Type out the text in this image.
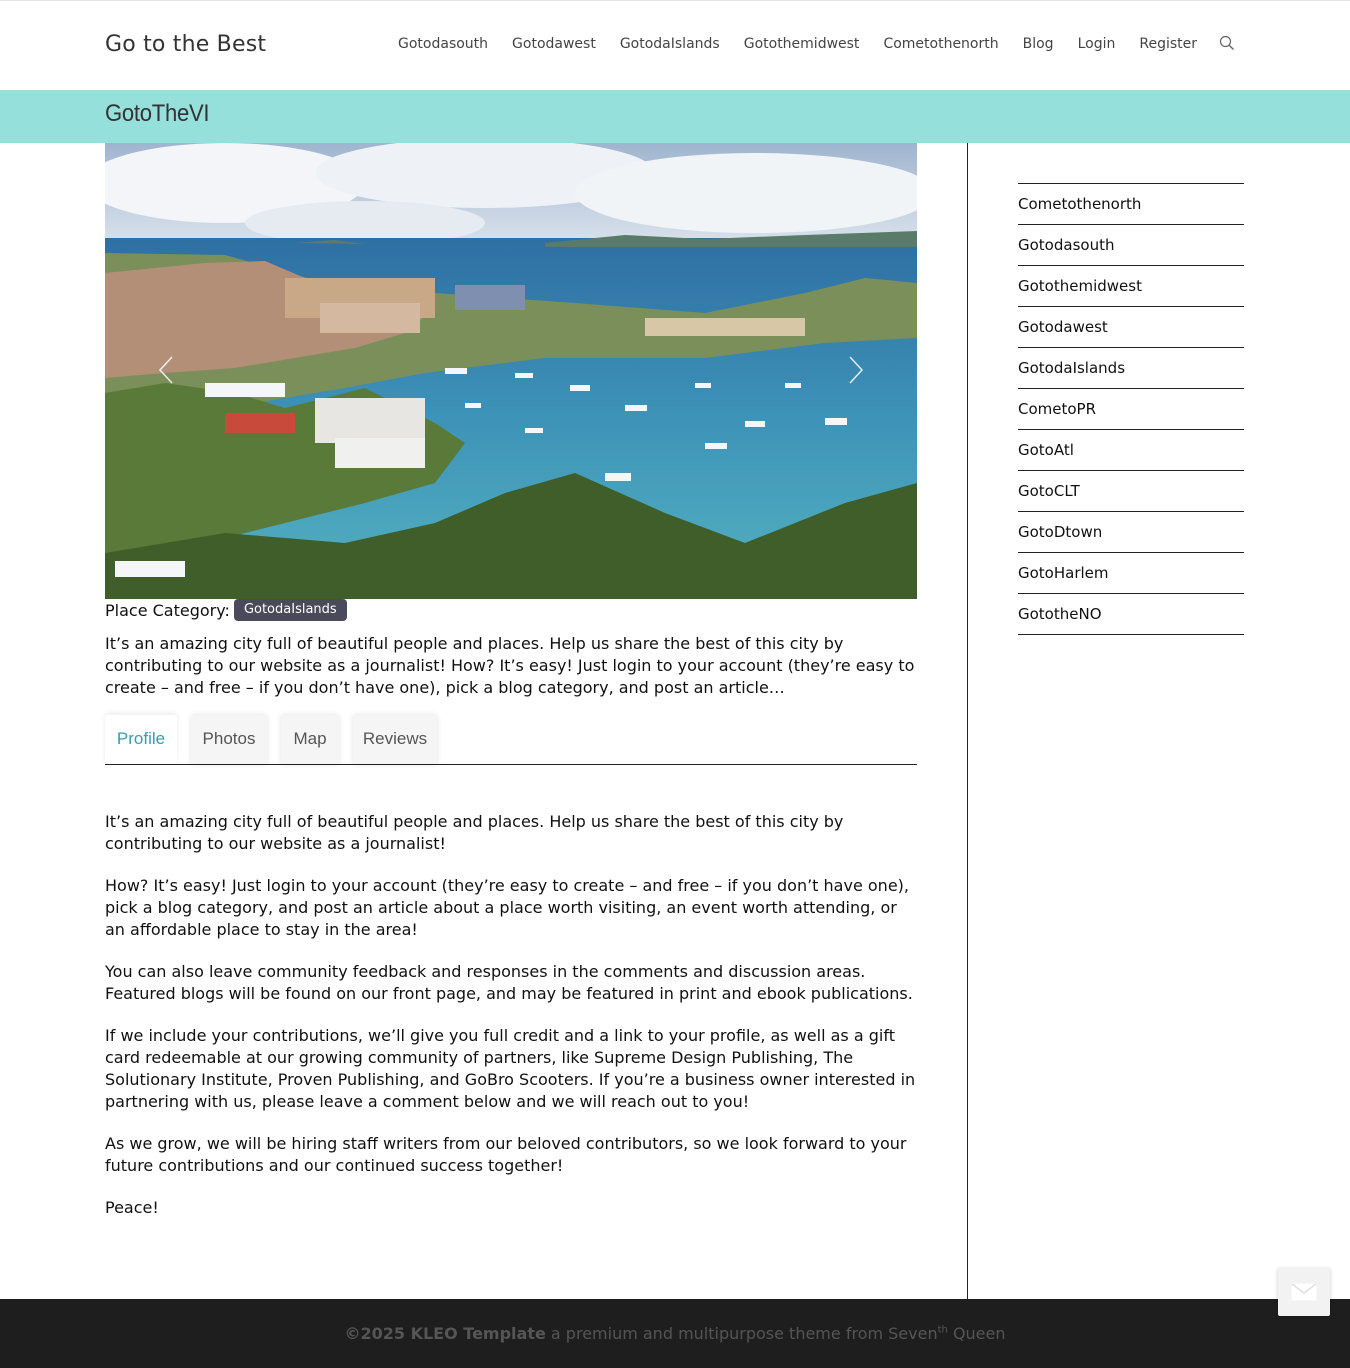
Go to the Best	Gotodasouth Gotodawest GotodaIslands Gotothemidwest Cometothenorth Blog Login Register
GotoTheVI
Place Category:	GotodaIslands

It’s an amazing city full of beautiful people and places. Help us share the best of this city by contributing to our website as a journalist! How? It’s easy! Just login to your account (they’re easy to create – and free – if you don’t have one), pick a blog category, and post an article…

Profile	Photos	Map	Reviews

It’s an amazing city full of beautiful people and places. Help us share the best of this city by contributing to our website as a journalist!

How? It’s easy! Just login to your account (they’re easy to create – and free – if you don’t have one), pick a blog category, and post an article about a place worth visiting, an event worth attending, or an affordable place to stay in the area!

You can also leave community feedback and responses in the comments and discussion areas. Featured blogs will be found on our front page, and may be featured in print and ebook publications.

If we include your contributions, we’ll give you full credit and a link to your profile, as well as a gift card redeemable at our growing community of partners, like Supreme Design Publishing, The Solutionary Institute, Proven Publishing, and GoBro Scooters. If you’re a business owner interested in partnering with us, please leave a comment below and we will reach out to you!

As we grow, we will be hiring staff writers from our beloved contributors, so we look forward to your future contributions and our continued success together!

Peace!

Cometothenorth
Gotodasouth
Gotothemidwest
Gotodawest
GotodaIslands
CometoPR
GotoAtl
GotoCLT
GotoDtown
GotoHarlem
GototheNO
©2025 KLEO Template a premium and multipurpose theme from Seven$^{th}$ Queen
